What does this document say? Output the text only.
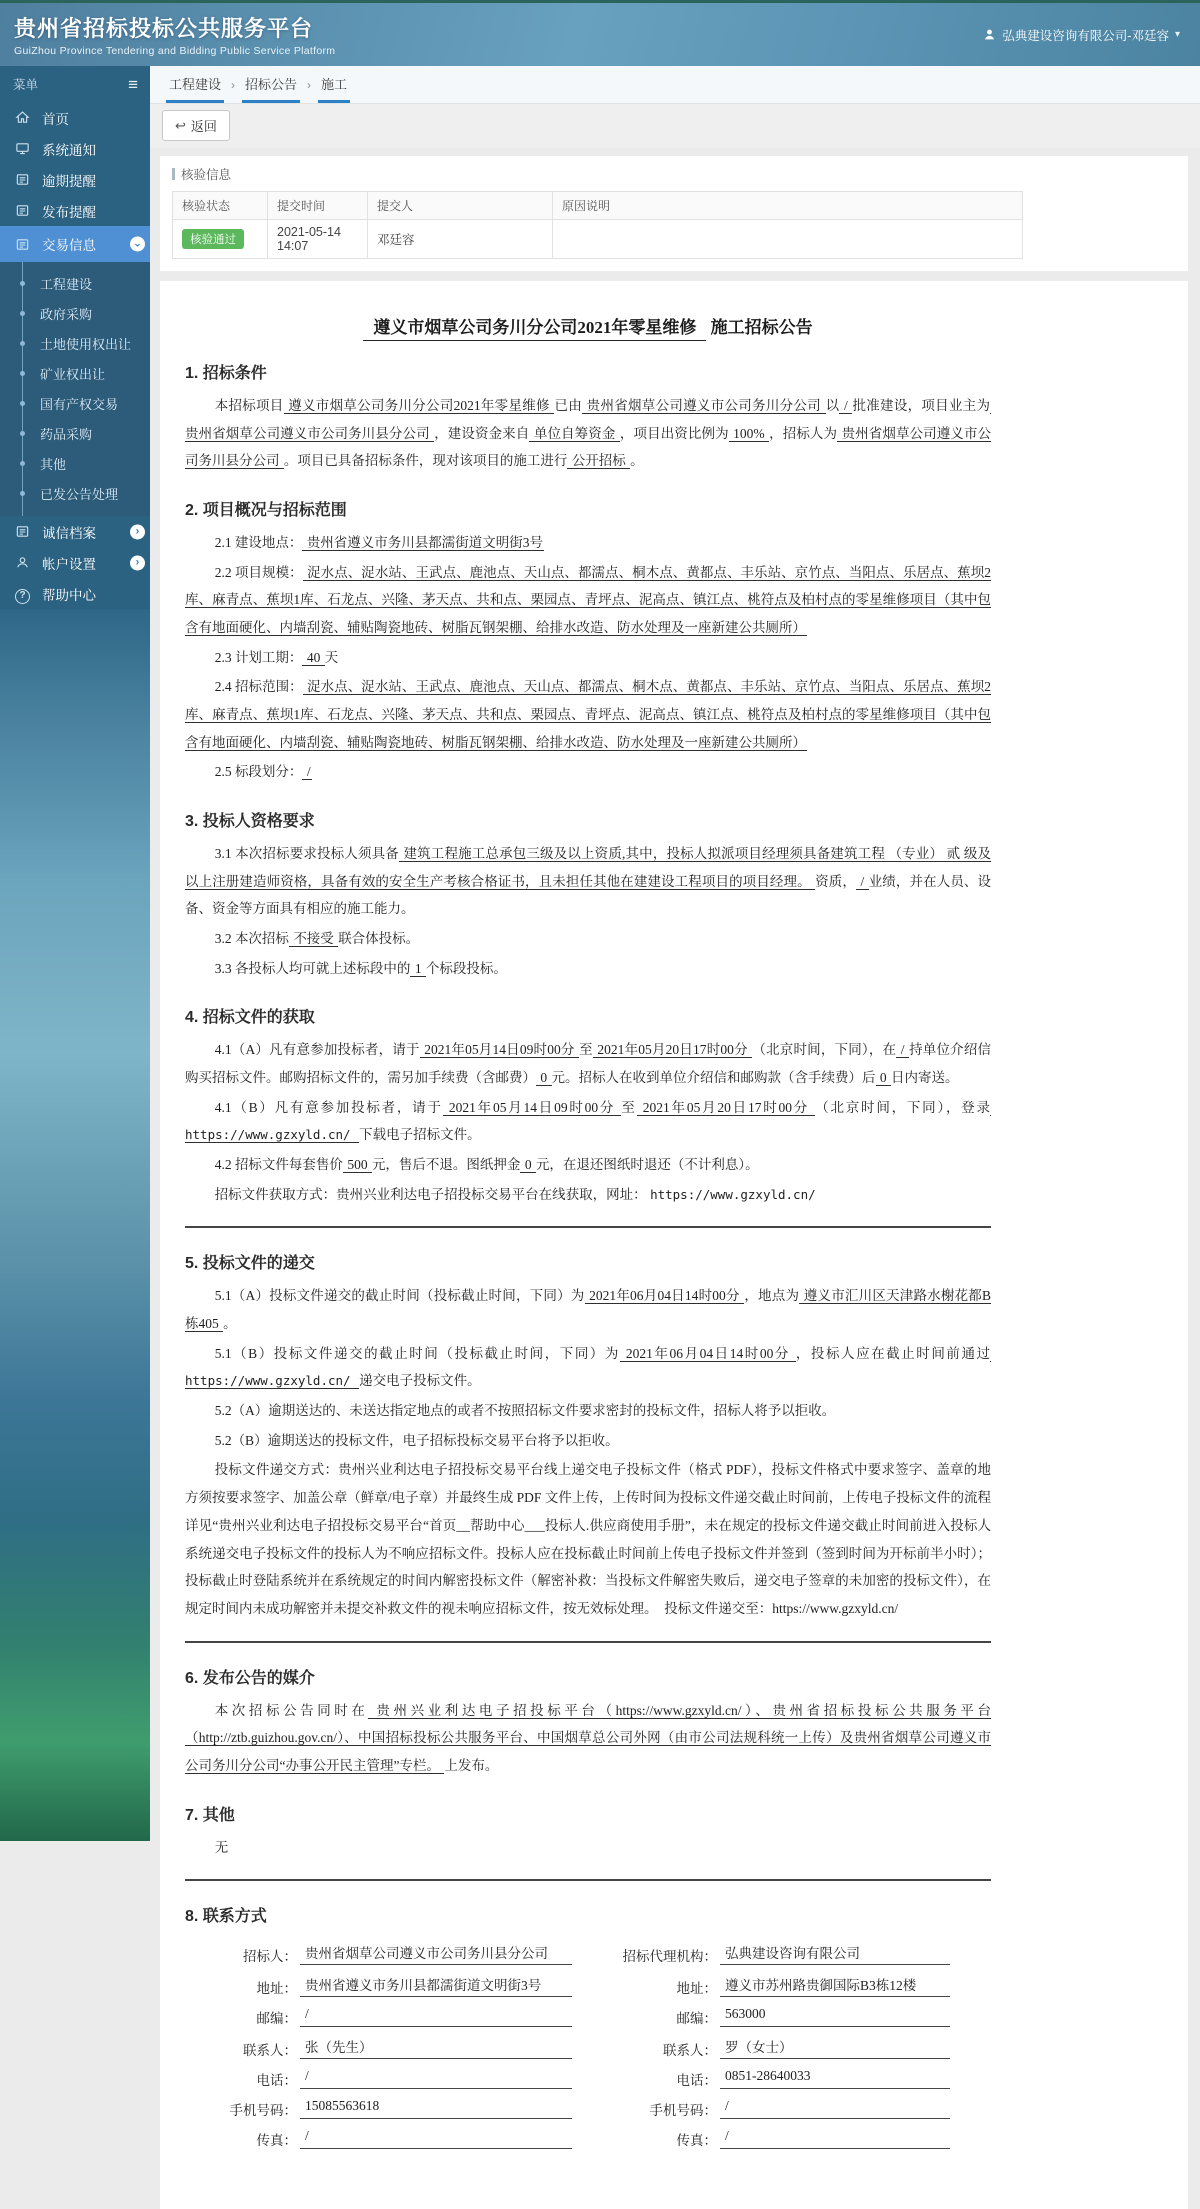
贵州省招标投标公共服务平台
GuiZhou Province Tendering and Bidding Public Service Platform
弘典建设咨询有限公司-邓廷容 ▾
菜单	≡
首页
系统通知
逾期提醒
发布提醒
交易信息	⌄
工程建设
政府采购
土地使用权出让
矿业权出让
国有产权交易
药品采购
其他
已发公告处理
诚信档案	›
帐户设置	›
?	帮助中心
工程建设 › 招标公告 › 施工
↩ 返回
核验信息
核验状态	提交时间	提交人	原因说明
核验通过	2021-05-14 14:07	邓廷容	
遵义市烟草公司务川分公司2021年零星维修 施工招标公告
1. 招标条件

本招标项目 遵义市烟草公司务川分公司2021年零星维修 已由 贵州省烟草公司遵义市公司务川分公司 以 / 批准建设，项目业主为 贵州省烟草公司遵义市公司务川县分公司 ，建设资金来自 单位自筹资金 ，项目出资比例为 100% ，招标人为 贵州省烟草公司遵义市公司务川县分公司 。项目已具备招标条件，现对该项目的施工进行 公开招标 。

2. 项目概况与招标范围

2.1 建设地点： 贵州省遵义市务川县都濡街道文明街3号

2.2 项目规模： 浞水点、浞水站、王武点、鹿池点、天山点、都濡点、桐木点、黄都点、丰乐站、京竹点、当阳点、乐居点、蕉坝2库、麻青点、蕉坝1库、石龙点、兴隆、茅天点、共和点、栗园点、青坪点、泥高点、镇江点、桃符点及柏村点的零星维修项目（其中包含有地面硬化、内墙刮瓷、辅贴陶瓷地砖、树脂瓦钢架棚、给排水改造、防水处理及一座新建公共厕所）

2.3 计划工期： 40 天

2.4 招标范围： 浞水点、浞水站、王武点、鹿池点、天山点、都濡点、桐木点、黄都点、丰乐站、京竹点、当阳点、乐居点、蕉坝2库、麻青点、蕉坝1库、石龙点、兴隆、茅天点、共和点、栗园点、青坪点、泥高点、镇江点、桃符点及柏村点的零星维修项目（其中包含有地面硬化、内墙刮瓷、辅贴陶瓷地砖、树脂瓦钢架棚、给排水改造、防水处理及一座新建公共厕所）

2.5 标段划分： /

3. 投标人资格要求

3.1 本次招标要求投标人须具备 建筑工程施工总承包三级及以上资质,其中，投标人拟派项目经理须具备建筑工程 （专业） 贰 级及以上注册建造师资格，具备有效的安全生产考核合格证书，且未担任其他在建建设工程项目的项目经理。 资质， / 业绩，并在人员、设备、资金等方面具有相应的施工能力。

3.2 本次招标 不接受 联合体投标。

3.3 各投标人均可就上述标段中的 1 个标段投标。

4. 招标文件的获取

4.1（A）凡有意参加投标者，请于 2021年05月14日09时00分 至 2021年05月20日17时00分 （北京时间，下同），在 / 持单位介绍信购买招标文件。邮购招标文件的，需另加手续费（含邮费） 0 元。招标人在收到单位介绍信和邮购款（含手续费）后 0 日内寄送。

4.1（B）凡有意参加投标者，请于 2021年05月14日09时00分 至 2021年05月20日17时00分 （北京时间，下同），登录 https://www.gzxyld.cn/ 下载电子招标文件。

4.2 招标文件每套售价 500 元，售后不退。图纸押金 0 元，在退还图纸时退还（不计利息）。

招标文件获取方式：贵州兴业利达电子招投标交易平台在线获取，网址： https://www.gzxyld.cn/

5. 投标文件的递交

5.1（A）投标文件递交的截止时间（投标截止时间，下同）为 2021年06月04日14时00分 ，地点为 遵义市汇川区天津路水榭花都B栋405 。

5.1（B）投标文件递交的截止时间（投标截止时间，下同）为 2021年06月04日14时00分 ，投标人应在截止时间前通过 https://www.gzxyld.cn/ 递交电子投标文件。

5.2（A）逾期送达的、未送达指定地点的或者不按照招标文件要求密封的投标文件，招标人将予以拒收。

5.2（B）逾期送达的投标文件，电子招标投标交易平台将予以拒收。

投标文件递交方式：贵州兴业利达电子招投标交易平台线上递交电子投标文件（格式 PDF），投标文件格式中要求签字、盖章的地方须按要求签字、加盖公章（鲜章/电子章）并最终生成 PDF 文件上传，上传时间为投标文件递交截止时间前，上传电子投标文件的流程详见“贵州兴业利达电子招投标交易平台“首页__帮助中心___投标人.供应商使用手册”，未在规定的投标文件递交截止时间前进入投标人系统递交电子投标文件的投标人为不响应招标文件。投标人应在投标截止时间前上传电子投标文件并签到（签到时间为开标前半小时）；投标截止时登陆系统并在系统规定的时间内解密投标文件（解密补救：当投标文件解密失败后，递交电子签章的未加密的投标文件），在规定时间内未成功解密并未提交补救文件的视未响应招标文件，按无效标处理。　投标文件递交至：https://www.gzxyld.cn/

6. 发布公告的媒介

本次招标公告同时在 贵州兴业利达电子招投标平台（https://www.gzxyld.cn/）、贵州省招标投标公共服务平台（http://ztb.guizhou.gov.cn/）、中国招标投标公共服务平台、中国烟草总公司外网（由市公司法规科统一上传）及贵州省烟草公司遵义市公司务川分公司“办事公开民主管理”专栏。 上发布。

7. 其他

无

8. 联系方式
招标人： 贵州省烟草公司遵义市公司务川县分公司	招标代理机构： 弘典建设咨询有限公司
地址： 贵州省遵义市务川县都濡街道文明街3号	地址： 遵义市苏州路贵御国际B3栋12楼
邮编： /	邮编： 563000
联系人： 张（先生）	联系人： 罗（女士）
电话： /	电话： 0851-28640033
手机号码： 15085563618	手机号码： /
传真： /	传真： /
